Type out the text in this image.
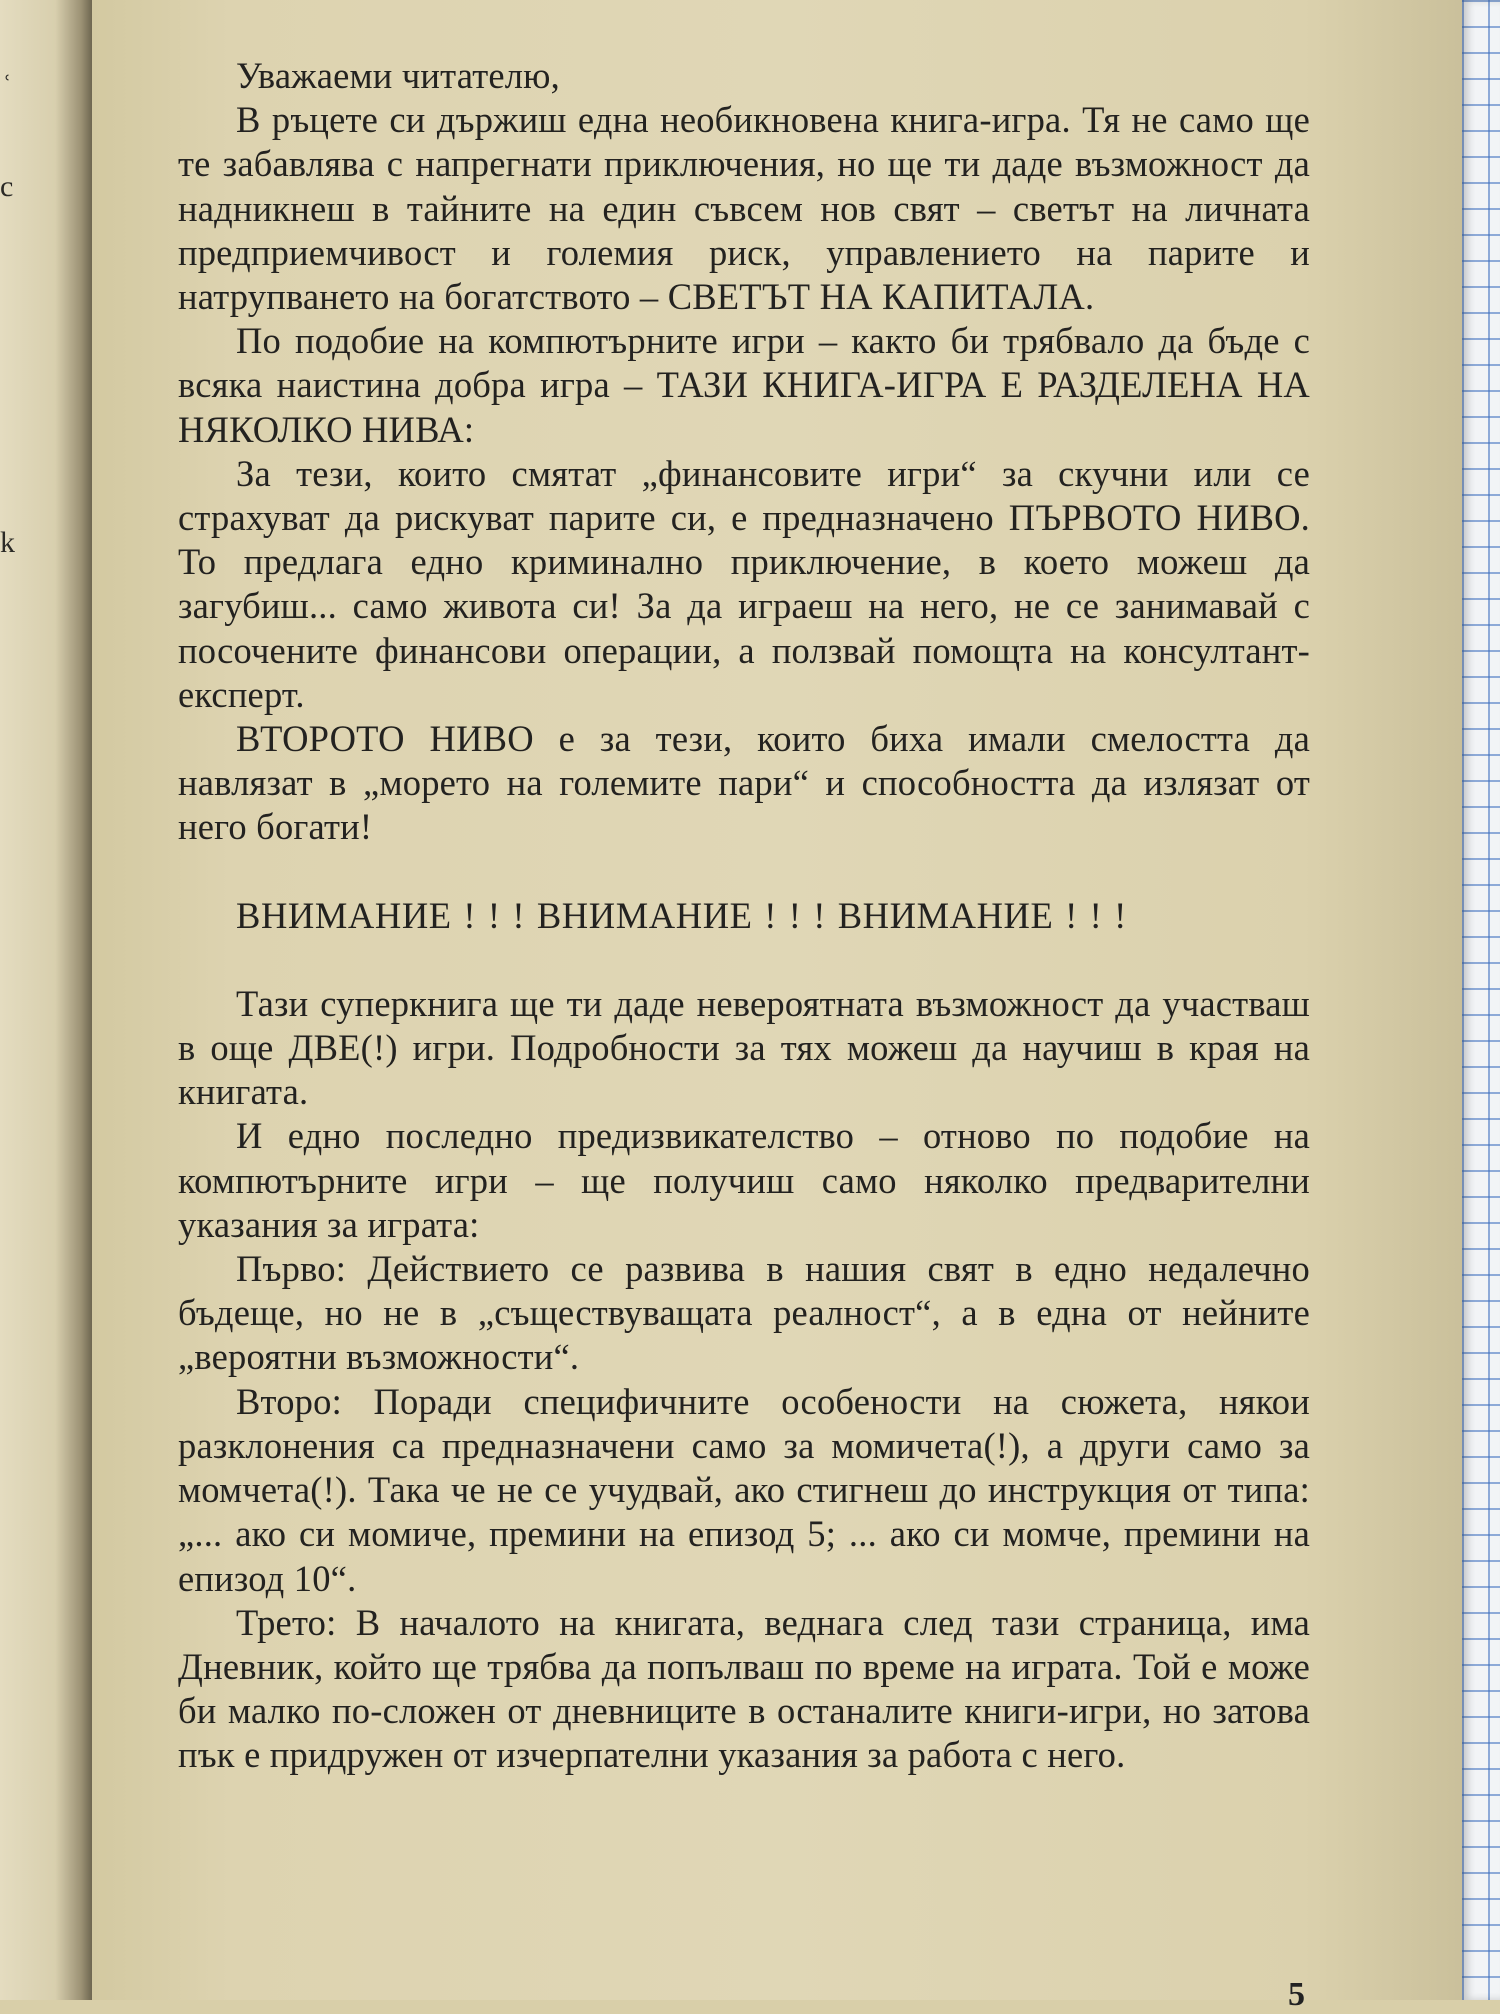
ʿ
c
k

Уважаеми читателю,

В ръцете си държиш една необикновена книга-игра. Тя не само ще те забавлява с напрегнати приключения, но ще ти даде възможност да надникнеш в тайните на един съвсем нов свят – светът на личната предприемчивост и големия риск, управлението на парите и натрупването на богатството – СВЕТЪТ НА КАПИТАЛА.

По подобие на компютърните игри – както би трябвало да бъде с всяка наистина добра игра – ТАЗИ КНИГА-ИГРА Е РАЗДЕЛЕНА НА НЯКОЛКО НИВА:

За тези, които смятат „финансовите игри“ за скучни или се страхуват да рискуват парите си, е предназначено ПЪРВОТО НИВО. То предлага едно криминално приключение, в което можеш да загубиш... само живота си! За да играеш на него, не се занимавай с посочените финансови операции, а ползвай помощта на консултант-експерт.

ВТОРОТО НИВО е за тези, които биха имали смелостта да навлязат в „морето на големите пари“ и способността да излязат от него богати!

ВНИМАНИЕ ! ! ! ВНИМАНИЕ ! ! ! ВНИМАНИЕ ! ! !

Тази суперкнига ще ти даде невероятната възможност да участваш в още ДВЕ(!) игри. Подробности за тях можеш да научиш в края на книгата.

И едно последно предизвикателство – отново по подобие на компютърните игри – ще получиш само няколко предварителни указания за играта:

Първо: Действието се развива в нашия свят в едно недалечно бъдеще, но не в „съществуващата реалност“, а в една от нейните „вероятни възможности“.

Второ: Поради специфичните особености на сюжета, някои разклонения са предназначени само за момичета(!), а други само за момчета(!). Така че не се учудвай, ако стигнеш до инструкция от типа: „... ако си момиче, премини на епизод 5; ... ако си момче, премини на епизод 10“.

Трето: В началото на книгата, веднага след тази страница, има Дневник, който ще трябва да попълваш по време на играта. Той е може би малко по-сложен от дневниците в останалите книги-игри, но затова пък е придружен от изчерпателни указания за работа с него.

5
